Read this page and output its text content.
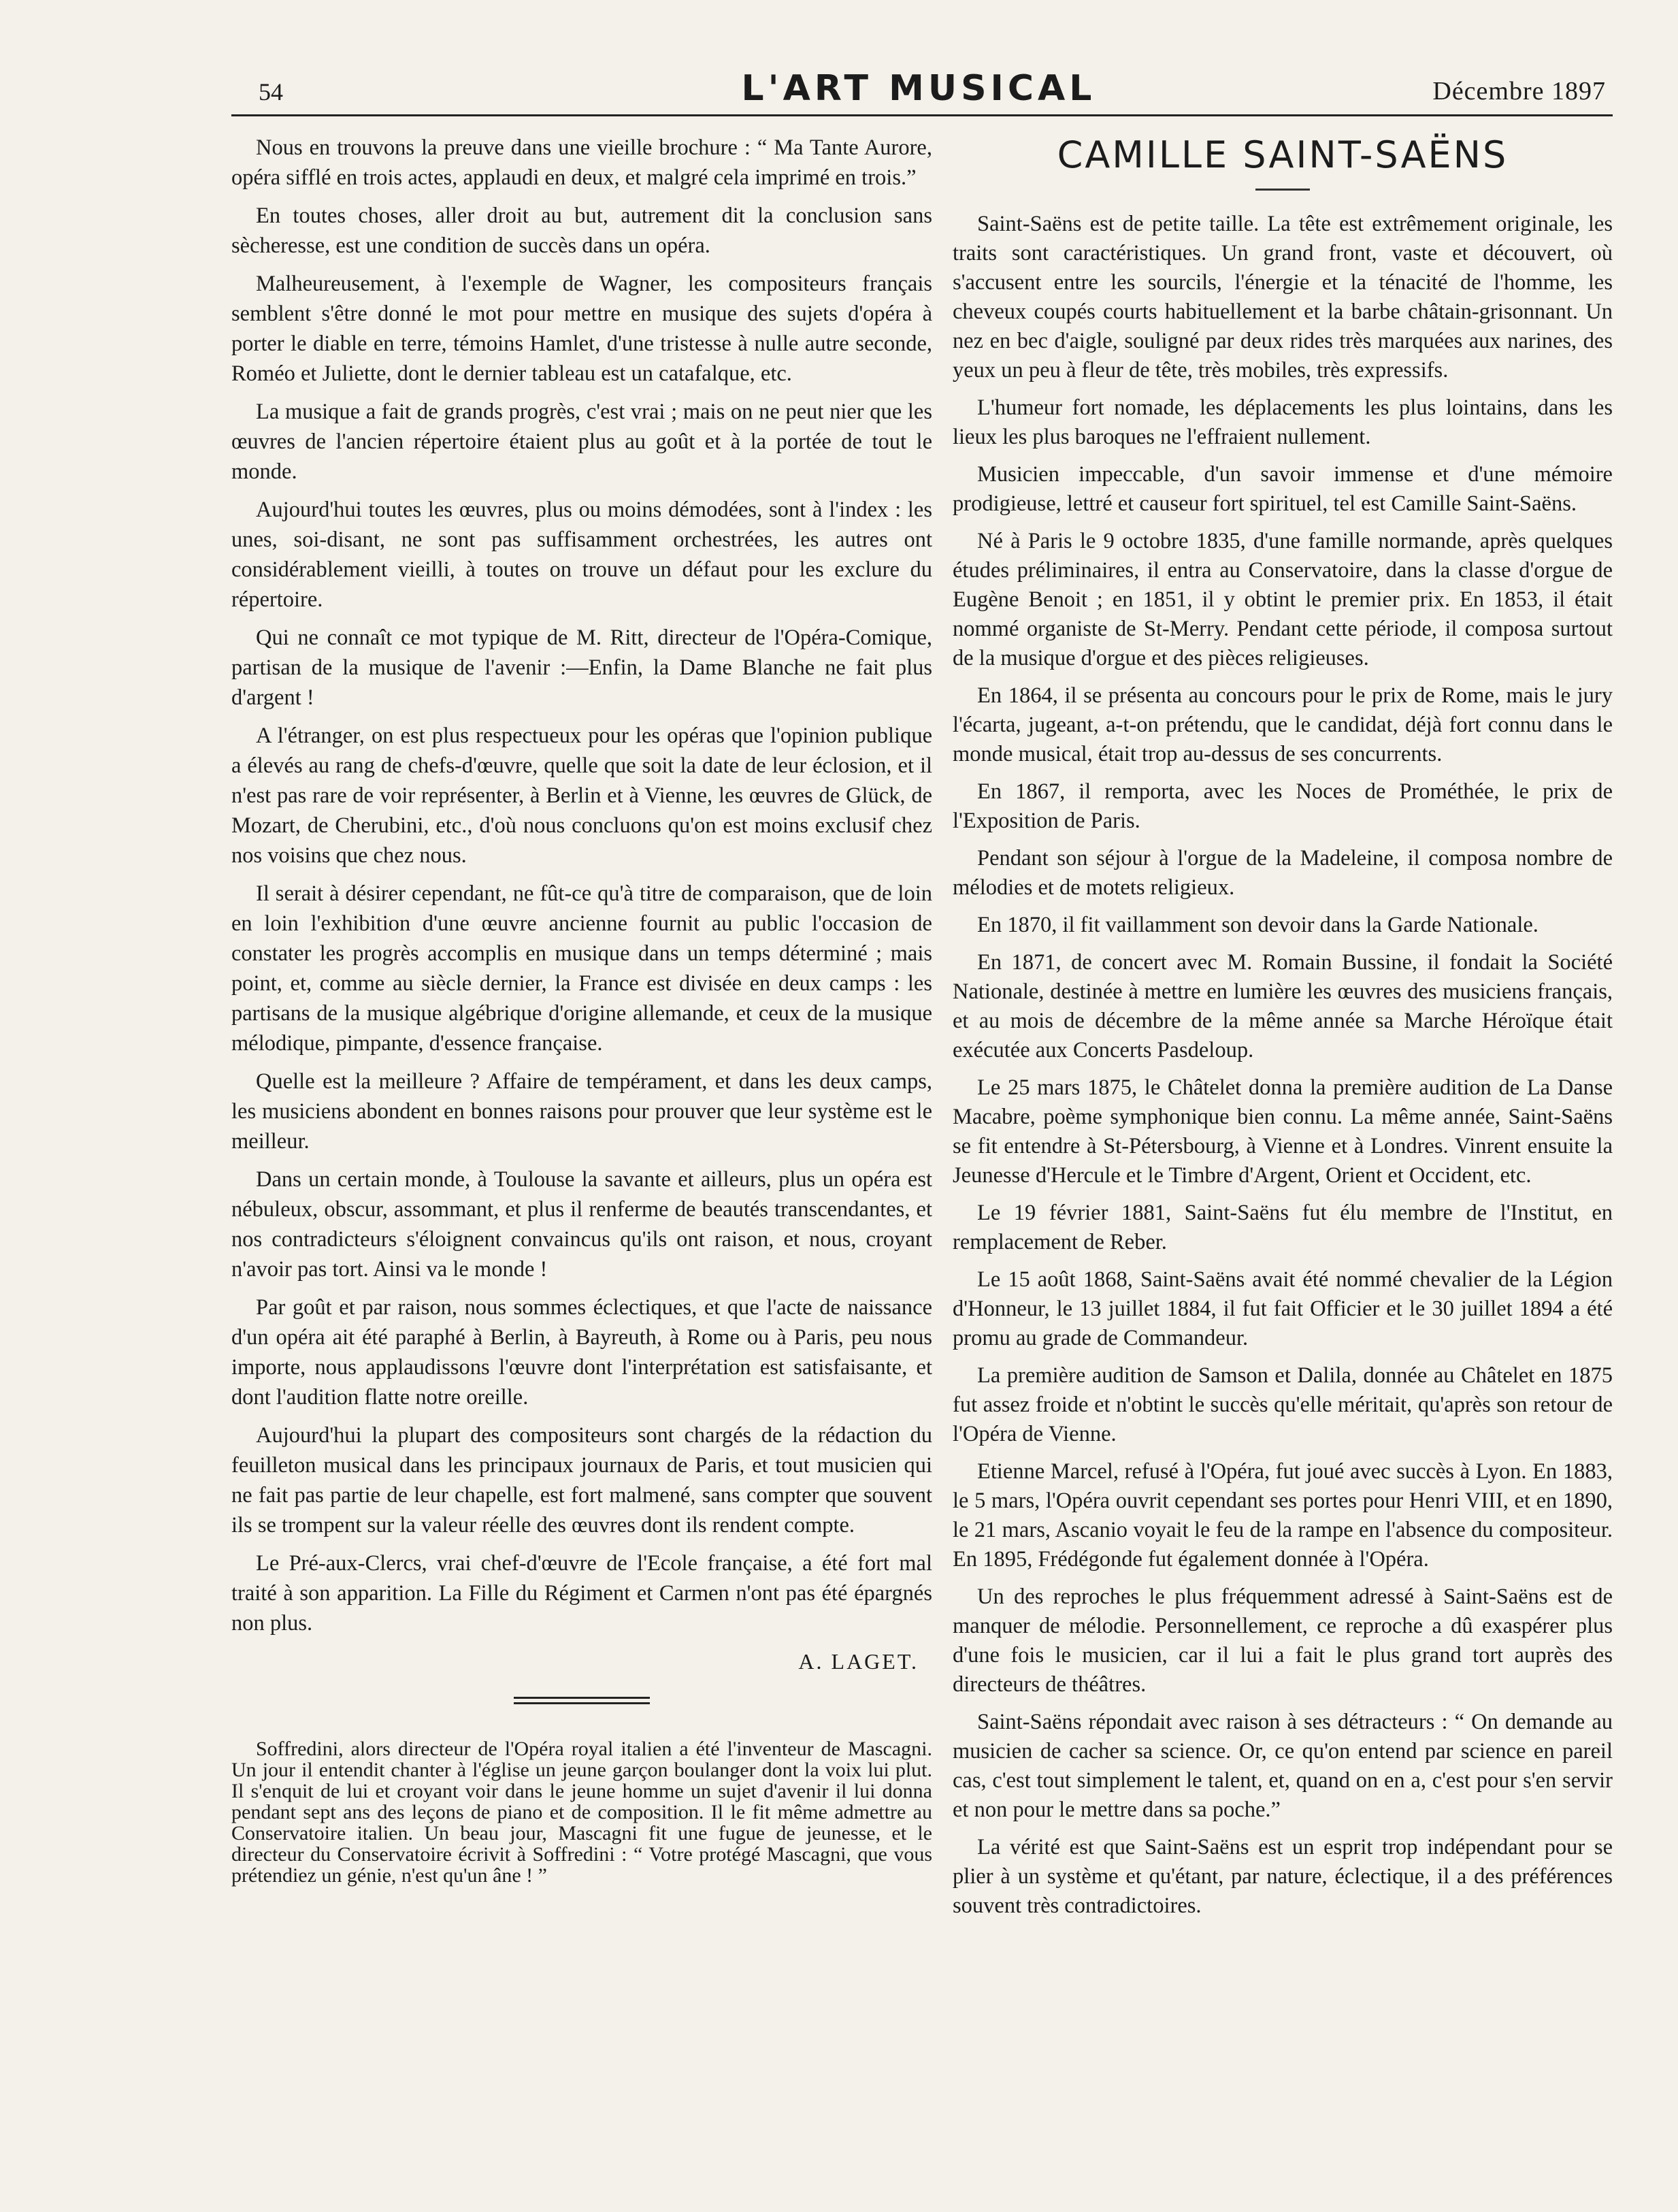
54	L'ART MUSICAL	Décembre 1897

Nous en trouvons la preuve dans une vieille brochure : “ Ma Tante Aurore, opéra sifflé en trois actes, applaudi en deux, et malgré cela imprimé en trois.”

En toutes choses, aller droit au but, autrement dit la conclusion sans sècheresse, est une condition de succès dans un opéra.

Malheureusement, à l'exemple de Wagner, les compositeurs français semblent s'être donné le mot pour mettre en musique des sujets d'opéra à porter le diable en terre, témoins Hamlet, d'une tristesse à nulle autre seconde, Roméo et Juliette, dont le dernier tableau est un catafalque, etc.

La musique a fait de grands progrès, c'est vrai ; mais on ne peut nier que les œuvres de l'ancien répertoire étaient plus au goût et à la portée de tout le monde.

Aujourd'hui toutes les œuvres, plus ou moins démodées, sont à l'index : les unes, soi-disant, ne sont pas suffisamment orchestrées, les autres ont considérablement vieilli, à toutes on trouve un défaut pour les exclure du répertoire.

Qui ne connaît ce mot typique de M. Ritt, directeur de l'Opéra-Comique, partisan de la musique de l'avenir :—Enfin, la Dame Blanche ne fait plus d'argent !

A l'étranger, on est plus respectueux pour les opéras que l'opinion publique a élevés au rang de chefs-d'œuvre, quelle que soit la date de leur éclosion, et il n'est pas rare de voir représenter, à Berlin et à Vienne, les œuvres de Glück, de Mozart, de Cherubini, etc., d'où nous concluons qu'on est moins exclusif chez nos voisins que chez nous.

Il serait à désirer cependant, ne fût-ce qu'à titre de comparaison, que de loin en loin l'exhibition d'une œuvre ancienne fournit au public l'occasion de constater les progrès accomplis en musique dans un temps déterminé ; mais point, et, comme au siècle dernier, la France est divisée en deux camps : les partisans de la musique algébrique d'origine allemande, et ceux de la musique mélodique, pimpante, d'essence française.

Quelle est la meilleure ? Affaire de tempérament, et dans les deux camps, les musiciens abondent en bonnes raisons pour prouver que leur système est le meilleur.

Dans un certain monde, à Toulouse la savante et ailleurs, plus un opéra est nébuleux, obscur, assommant, et plus il renferme de beautés transcendantes, et nos contradicteurs s'éloignent convaincus qu'ils ont raison, et nous, croyant n'avoir pas tort. Ainsi va le monde !

Par goût et par raison, nous sommes éclectiques, et que l'acte de naissance d'un opéra ait été paraphé à Berlin, à Bayreuth, à Rome ou à Paris, peu nous importe, nous applaudissons l'œuvre dont l'interprétation est satisfaisante, et dont l'audition flatte notre oreille.

Aujourd'hui la plupart des compositeurs sont chargés de la rédaction du feuilleton musical dans les principaux journaux de Paris, et tout musicien qui ne fait pas partie de leur chapelle, est fort malmené, sans compter que souvent ils se trompent sur la valeur réelle des œuvres dont ils rendent compte.

Le Pré-aux-Clercs, vrai chef-d'œuvre de l'Ecole française, a été fort mal traité à son apparition. La Fille du Régiment et Carmen n'ont pas été épargnés non plus.

A. LAGET.

Soffredini, alors directeur de l'Opéra royal italien a été l'inventeur de Mascagni. Un jour il entendit chanter à l'église un jeune garçon boulanger dont la voix lui plut. Il s'enquit de lui et croyant voir dans le jeune homme un sujet d'avenir il lui donna pendant sept ans des leçons de piano et de composition. Il le fit même admettre au Conservatoire italien. Un beau jour, Mascagni fit une fugue de jeunesse, et le directeur du Conservatoire écrivit à Soffredini : “ Votre protégé Mascagni, que vous prétendiez un génie, n'est qu'un âne ! ”

CAMILLE SAINT-SAËNS

Saint-Saëns est de petite taille. La tête est extrêmement originale, les traits sont caractéristiques. Un grand front, vaste et découvert, où s'accusent entre les sourcils, l'énergie et la ténacité de l'homme, les cheveux coupés courts habituellement et la barbe châtain-grisonnant. Un nez en bec d'aigle, souligné par deux rides très marquées aux narines, des yeux un peu à fleur de tête, très mobiles, très expressifs.

L'humeur fort nomade, les déplacements les plus lointains, dans les lieux les plus baroques ne l'effraient nullement.

Musicien impeccable, d'un savoir immense et d'une mémoire prodigieuse, lettré et causeur fort spirituel, tel est Camille Saint-Saëns.

Né à Paris le 9 octobre 1835, d'une famille normande, après quelques études préliminaires, il entra au Conservatoire, dans la classe d'orgue de Eugène Benoit ; en 1851, il y obtint le premier prix. En 1853, il était nommé organiste de St-Merry. Pendant cette période, il composa surtout de la musique d'orgue et des pièces religieuses.

En 1864, il se présenta au concours pour le prix de Rome, mais le jury l'écarta, jugeant, a-t-on prétendu, que le candidat, déjà fort connu dans le monde musical, était trop au-dessus de ses concurrents.

En 1867, il remporta, avec les Noces de Prométhée, le prix de l'Exposition de Paris.

Pendant son séjour à l'orgue de la Madeleine, il composa nombre de mélodies et de motets religieux.

En 1870, il fit vaillamment son devoir dans la Garde Nationale.

En 1871, de concert avec M. Romain Bussine, il fondait la Société Nationale, destinée à mettre en lumière les œuvres des musiciens français, et au mois de décembre de la même année sa Marche Héroïque était exécutée aux Concerts Pasdeloup.

Le 25 mars 1875, le Châtelet donna la première audition de La Danse Macabre, poème symphonique bien connu. La même année, Saint-Saëns se fit entendre à St-Pétersbourg, à Vienne et à Londres. Vinrent ensuite la Jeunesse d'Hercule et le Timbre d'Argent, Orient et Occident, etc.

Le 19 février 1881, Saint-Saëns fut élu membre de l'Institut, en remplacement de Reber.

Le 15 août 1868, Saint-Saëns avait été nommé chevalier de la Légion d'Honneur, le 13 juillet 1884, il fut fait Officier et le 30 juillet 1894 a été promu au grade de Commandeur.

La première audition de Samson et Dalila, donnée au Châtelet en 1875 fut assez froide et n'obtint le succès qu'elle méritait, qu'après son retour de l'Opéra de Vienne.

Etienne Marcel, refusé à l'Opéra, fut joué avec succès à Lyon. En 1883, le 5 mars, l'Opéra ouvrit cependant ses portes pour Henri VIII, et en 1890, le 21 mars, Ascanio voyait le feu de la rampe en l'absence du compositeur. En 1895, Frédégonde fut également donnée à l'Opéra.

Un des reproches le plus fréquemment adressé à Saint-Saëns est de manquer de mélodie. Personnellement, ce reproche a dû exaspérer plus d'une fois le musicien, car il lui a fait le plus grand tort auprès des directeurs de théâtres.

Saint-Saëns répondait avec raison à ses détracteurs : “ On demande au musicien de cacher sa science. Or, ce qu'on entend par science en pareil cas, c'est tout simplement le talent, et, quand on en a, c'est pour s'en servir et non pour le mettre dans sa poche.”

La vérité est que Saint-Saëns est un esprit trop indépendant pour se plier à un système et qu'étant, par nature, éclectique, il a des préférences souvent très contradictoires.
